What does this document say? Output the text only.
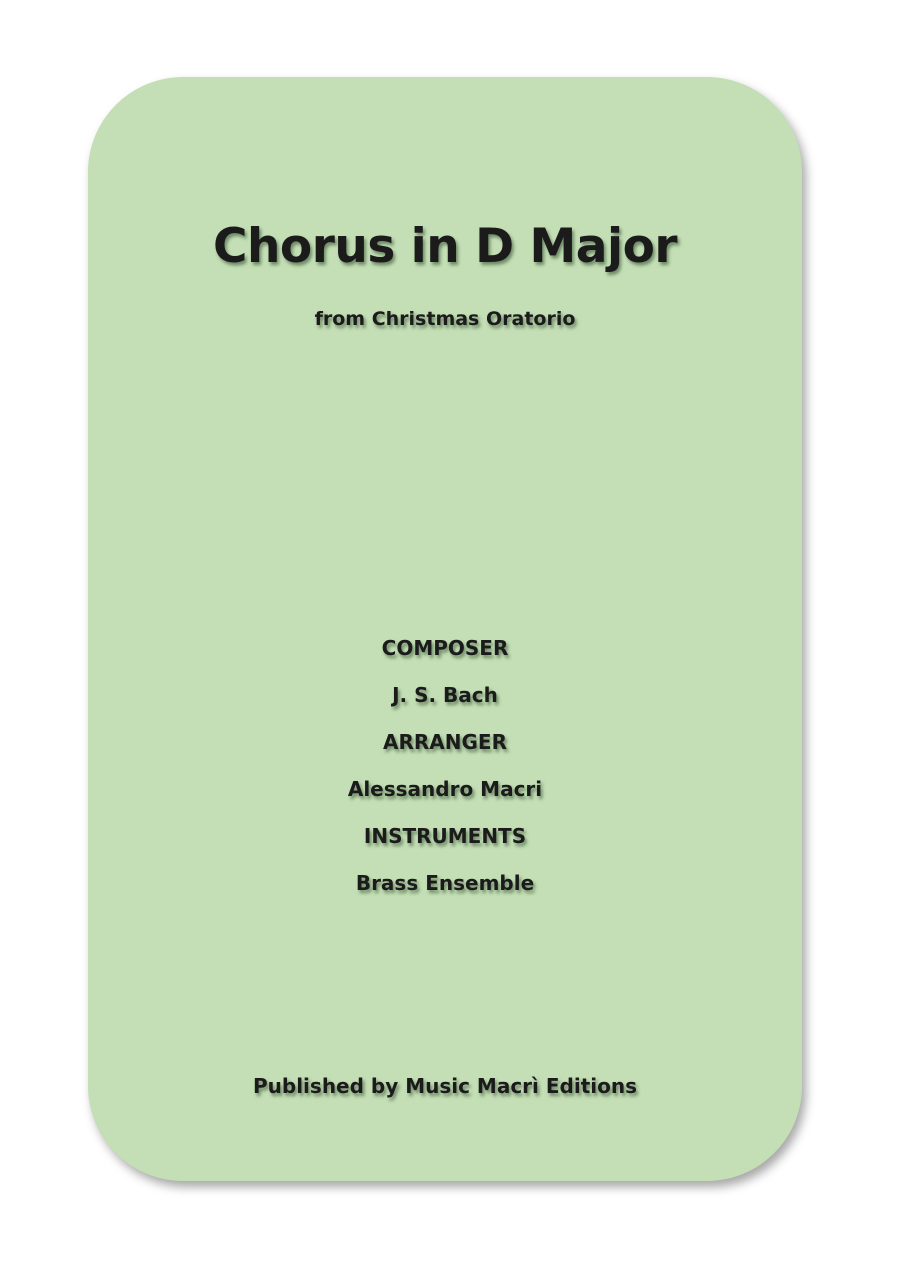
Chorus in D Major
from Christmas Oratorio
COMPOSER
J. S. Bach
ARRANGER
Alessandro Macri
INSTRUMENTS
Brass Ensemble
Published by Music Macrì Editions
